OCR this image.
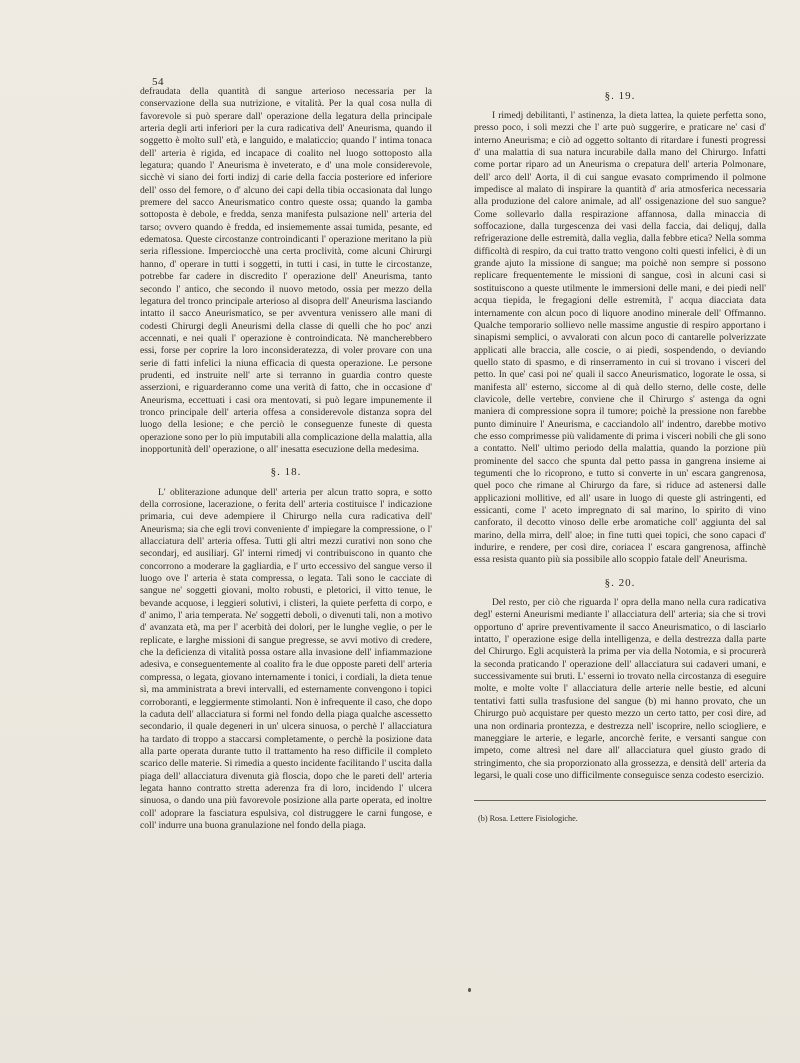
54

defraudata della quantità di sangue arterioso necessaria per la conservazione della sua nutrizione, e vitalità. Per la qual cosa nulla di favorevole si può sperare dall' operazione della legatura della principale arteria degli arti inferiori per la cura radicativa dell' Aneurisma, quando il soggetto è molto sull' età, e languido, e malaticcio; quando l' intima tonaca dell' arteria è rigida, ed incapace di coalito nel luogo sottoposto alla legatura; quando l' Aneurisma è inveterato, e d' una mole considerevole, sicchè vi siano dei forti indizj di carie della faccia posteriore ed inferiore dell' osso del femore, o d' alcuno dei capi della tibia occasionata dal lungo premere del sacco Aneurismatico contro queste ossa; quando la gamba sottoposta è debole, e fredda, senza manifesta pulsazione nell' arteria del tarso; ovvero quando è fredda, ed insiememente assai tumida, pesante, ed edematosa. Queste circostanze controindicanti l' operazione meritano la più seria riflessione. Imperciocchè una certa proclività, come alcuni Chirurgi hanno, d' operare in tutti i soggetti, in tutti i casi, in tutte le circostanze, potrebbe far cadere in discredito l' operazione dell' Aneurisma, tanto secondo l' antico, che secondo il nuovo metodo, ossia per mezzo della legatura del tronco principale arterioso al disopra dell' Aneurisma lasciando intatto il sacco Aneurismatico, se per avventura venissero alle mani di codesti Chirurgi degli Aneurismi della classe di quelli che ho poc' anzi accennati, e nei quali l' operazione è controindicata. Nè mancherebbero essi, forse per coprire la loro inconsideratezza, di voler provare con una serie di fatti infelici la niuna efficacia di questa operazione. Le persone prudenti, ed instruite nell' arte si terranno in guardia contro queste asserzioni, e riguarderanno come una verità di fatto, che in occasione d' Aneurisma, eccettuati i casi ora mentovati, si può legare impunemente il tronco principale dell' arteria offesa a considerevole distanza sopra del luogo della lesione; e che perciò le conseguenze funeste di questa operazione sono per lo più imputabili alla complicazione della malattia, alla inopportunità dell' operazione, o all' inesatta esecuzione della medesima.

§. 18.

L' obliterazione adunque dell' arteria per alcun tratto sopra, e sotto della corrosione, lacerazione, o ferita dell' arteria costituisce l' indicazione primaria, cui deve adempiere il Chirurgo nella cura radicativa dell' Aneurisma; sia che egli trovi conveniente d' impiegare la compressione, o l' allacciatura dell' arteria offesa. Tutti gli altri mezzi curativi non sono che secondarj, ed ausiliarj. Gl' interni rimedj vi contribuiscono in quanto che concorrono a moderare la gagliardia, e l' urto eccessivo del sangue verso il luogo ove l' arteria è stata compressa, o legata. Tali sono le cacciate di sangue ne' soggetti giovani, molto robusti, e pletorici, il vitto tenue, le bevande acquose, i leggieri solutivi, i clisteri, la quiete perfetta di corpo, e d' animo, l' aria temperata. Ne' soggetti deboli, o divenuti tali, non a motivo d' avanzata età, ma per l' acerbità dei dolori, per le lunghe veglie, o per le replicate, e larghe missioni di sangue pregresse, se avvi motivo di credere, che la deficienza di vitalità possa ostare alla invasione dell' infiammazione adesiva, e conseguentemente al coalito fra le due opposte pareti dell' arteria compressa, o legata, giovano internamente i tonici, i cordiali, la dieta tenue sì, ma amministrata a brevi intervalli, ed esternamente convengono i topici corroboranti, e leggiermente stimolanti. Non è infrequente il caso, che dopo la caduta dell' allacciatura si formi nel fondo della piaga qualche ascessetto secondario, il quale degeneri in un' ulcera sinuosa, o perchè l' allacciatura ha tardato di troppo a staccarsi completamente, o perchè la posizione data alla parte operata durante tutto il trattamento ha reso difficile il completo scarico delle materie. Si rimedia a questo incidente facilitando l' uscita dalla piaga dell' allacciatura divenuta già floscia, dopo che le pareti dell' arteria legata hanno contratto stretta aderenza fra di loro, incidendo l' ulcera sinuosa, o dando una più favorevole posizione alla parte operata, ed inoltre coll' adoprare la fasciatura espulsiva, col distruggere le carni fungose, e coll' indurre una buona granulazione nel fondo della piaga.

§. 19.

I rimedj debilitanti, l' astinenza, la dieta lattea, la quiete perfetta sono, presso poco, i soli mezzi che l' arte può suggerire, e praticare ne' casi d' interno Aneurisma; e ciò ad oggetto soltanto di ritardare i funesti progressi d' una malattia di sua natura incurabile dalla mano del Chirurgo. Infatti come portar riparo ad un Aneurisma o crepatura dell' arteria Polmonare, dell' arco dell' Aorta, il di cui sangue evasato comprimendo il polmone impedisce al malato di inspirare la quantità d' aria atmosferica necessaria alla produzione del calore animale, ad all' ossigenazione del suo sangue? Come sollevarlo dalla respirazione affannosa, dalla minaccia di soffocazione, dalla turgescenza dei vasi della faccia, dai deliquj, dalla refrigerazione delle estremità, dalla veglia, dalla febbre etica? Nella somma difficoltà di respiro, da cui tratto tratto vengono colti questi infelici, è di un grande ajuto la missione di sangue; ma poichè non sempre si possono replicare frequentemente le missioni di sangue, così in alcuni casi si sostituiscono a queste utilmente le immersioni delle mani, e dei piedi nell' acqua tiepida, le fregagioni delle estremità, l' acqua diacciata data internamente con alcun poco di liquore anodino minerale dell' Offmanno. Qualche temporario sollievo nelle massime angustie di respiro apportano i sinapismi semplici, o avvalorati con alcun poco di cantarelle polverizzate applicati alle braccia, alle coscie, o ai piedi, sospendendo, o deviando quello stato di spasmo, e di rinserramento in cui si trovano i visceri del petto. In que' casi poi ne' quali il sacco Aneurismatico, logorate le ossa, si manifesta all' esterno, siccome al di quà dello sterno, delle coste, delle clavicole, delle vertebre, conviene che il Chirurgo s' astenga da ogni maniera di compressione sopra il tumore; poichè la pressione non farebbe punto diminuire l' Aneurisma, e cacciandolo all' indentro, darebbe motivo che esso comprimesse più validamente di prima i visceri nobili che gli sono a contatto. Nell' ultimo periodo della malattia, quando la porzione più prominente del sacco che spunta dal petto passa in gangrena insieme ai tegumenti che lo ricoprono, e tutto si converte in un' escara gangrenosa, quel poco che rimane al Chirurgo da fare, si riduce ad astenersi dalle applicazioni mollitive, ed all' usare in luogo di queste gli astringenti, ed essicanti, come l' aceto impregnato di sal marino, lo spirito di vino canforato, il decotto vinoso delle erbe aromatiche coll' aggiunta del sal marino, della mirra, dell' aloe; in fine tutti quei topici, che sono capaci d' indurire, e rendere, per così dire, coriacea l' escara gangrenosa, affinchè essa resista quanto più sia possibile allo scoppio fatale dell' Aneurisma.

§. 20.

Del resto, per ciò che riguarda l' opra della mano nella cura radicativa degl' esterni Aneurismi mediante l' allacciatura dell' arteria; sia che si trovi opportuno d' aprire preventivamente il sacco Aneurismatico, o di lasciarlo intatto, l' operazione esige della intelligenza, e della destrezza dalla parte del Chirurgo. Egli acquisterà la prima per via della Notomia, e si procurerà la seconda praticando l' operazione dell' allacciatura sui cadaveri umani, e successivamente sui bruti. L' esserni io trovato nella circostanza di eseguire molte, e molte volte l' allacciatura delle arterie nelle bestie, ed alcuni tentativi fatti sulla trasfusione del sangue (b) mi hanno provato, che un Chirurgo può acquistare per questo mezzo un certo tatto, per così dire, ad una non ordinaria prontezza, e destrezza nell' iscoprire, nello sciogliere, e maneggiare le arterie, e legarle, ancorchè ferite, e versanti sangue con impeto, come altresì nel dare all' allacciatura quel giusto grado di stringimento, che sia proporzionato alla grossezza, e densità dell' arteria da legarsi, le quali cose uno difficilmente conseguisce senza codesto esercizio.

(b) Rosa. Lettere Fisiologiche.
